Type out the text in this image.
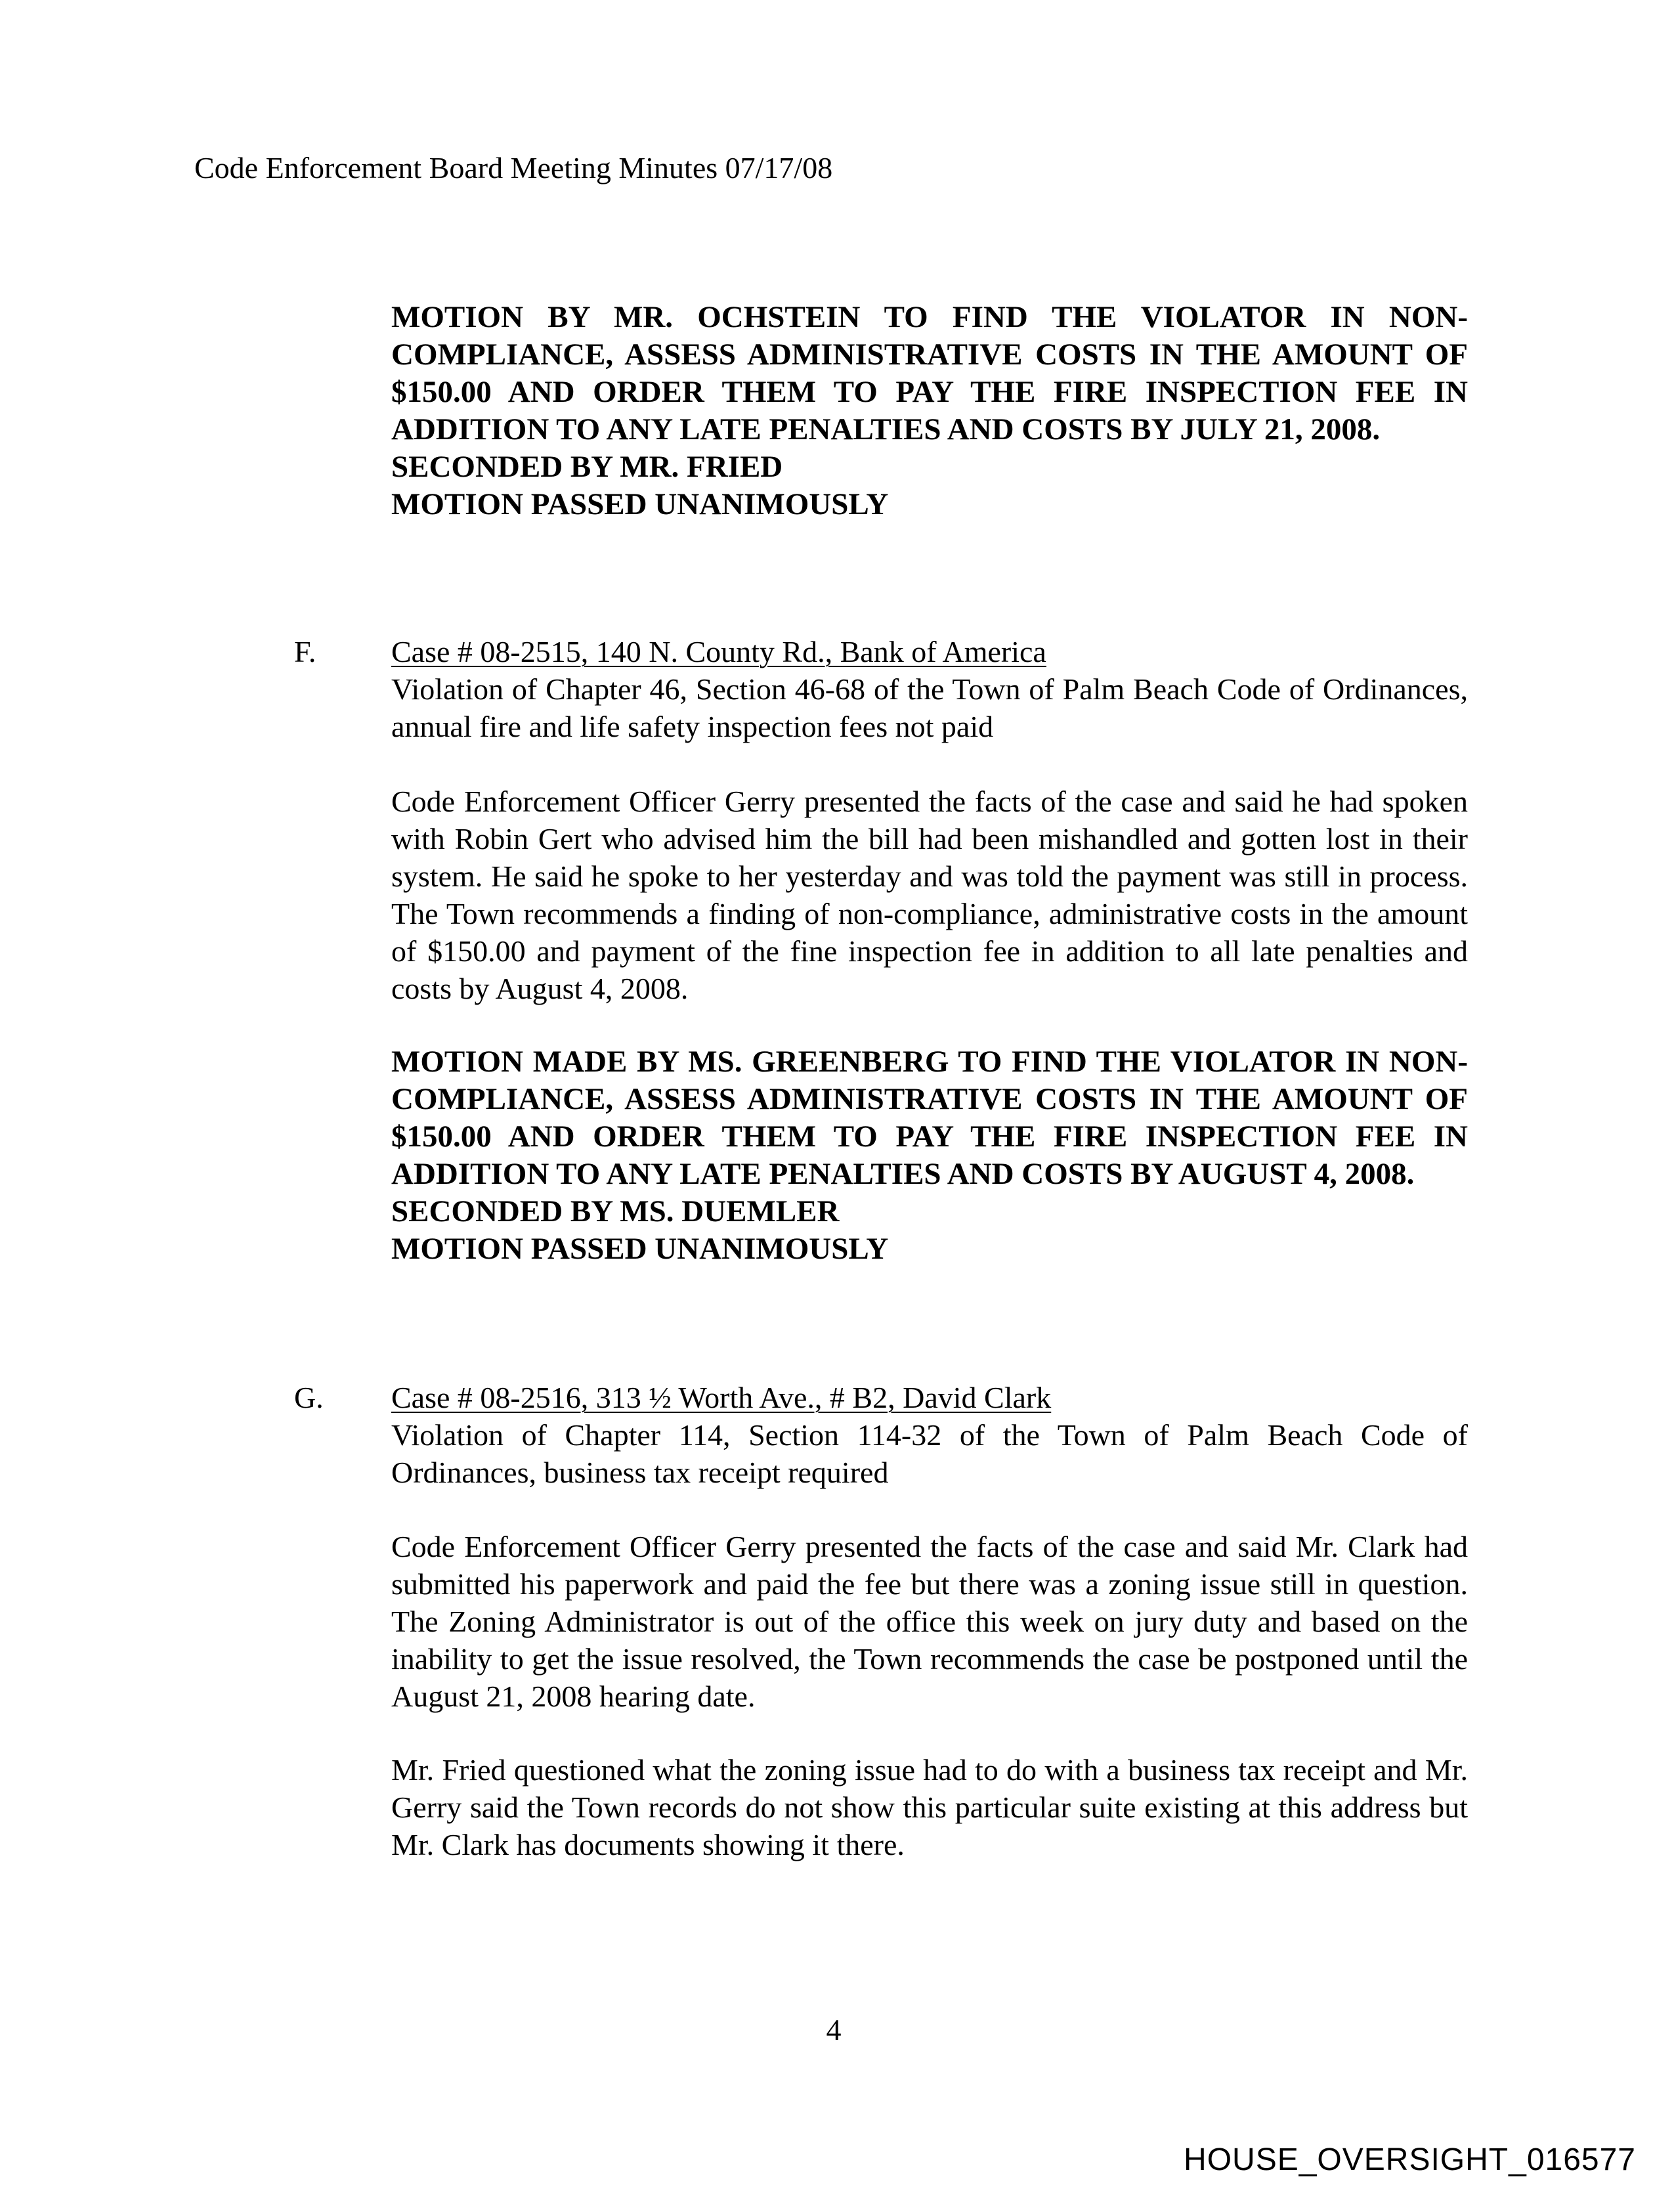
Code Enforcement Board Meeting Minutes 07/17/08

MOTION BY MR. OCHSTEIN TO FIND THE VIOLATOR IN NON-COMPLIANCE, ASSESS ADMINISTRATIVE COSTS IN THE AMOUNT OF $150.00 AND ORDER THEM TO PAY THE FIRE INSPECTION FEE IN ADDITION TO ANY LATE PENALTIES AND COSTS BY JULY 21, 2008.

SECONDED BY MR. FRIED
MOTION PASSED UNANIMOUSLY
F. Case # 08-2515, 140 N. County Rd., Bank of America

Violation of Chapter 46, Section 46-68 of the Town of Palm Beach Code of Ordinances, annual fire and life safety inspection fees not paid

Code Enforcement Officer Gerry presented the facts of the case and said he had spoken with Robin Gert who advised him the bill had been mishandled and gotten lost in their system. He said he spoke to her yesterday and was told the payment was still in process. The Town recommends a finding of non-compliance, administrative costs in the amount of $150.00 and payment of the fine inspection fee in addition to all late penalties and costs by August 4, 2008.

MOTION MADE BY MS. GREENBERG TO FIND THE VIOLATOR IN NON-COMPLIANCE, ASSESS ADMINISTRATIVE COSTS IN THE AMOUNT OF $150.00 AND ORDER THEM TO PAY THE FIRE INSPECTION FEE IN ADDITION TO ANY LATE PENALTIES AND COSTS BY AUGUST 4, 2008.

SECONDED BY MS. DUEMLER
MOTION PASSED UNANIMOUSLY
G. Case # 08-2516, 313 ½ Worth Ave., # B2, David Clark

Violation of Chapter 114, Section 114-32 of the Town of Palm Beach Code of Ordinances, business tax receipt required

Code Enforcement Officer Gerry presented the facts of the case and said Mr. Clark had submitted his paperwork and paid the fee but there was a zoning issue still in question. The Zoning Administrator is out of the office this week on jury duty and based on the inability to get the issue resolved, the Town recommends the case be postponed until the August 21, 2008 hearing date.

Mr. Fried questioned what the zoning issue had to do with a business tax receipt and Mr. Gerry said the Town records do not show this particular suite existing at this address but Mr. Clark has documents showing it there.

4
HOUSE_OVERSIGHT_016577
